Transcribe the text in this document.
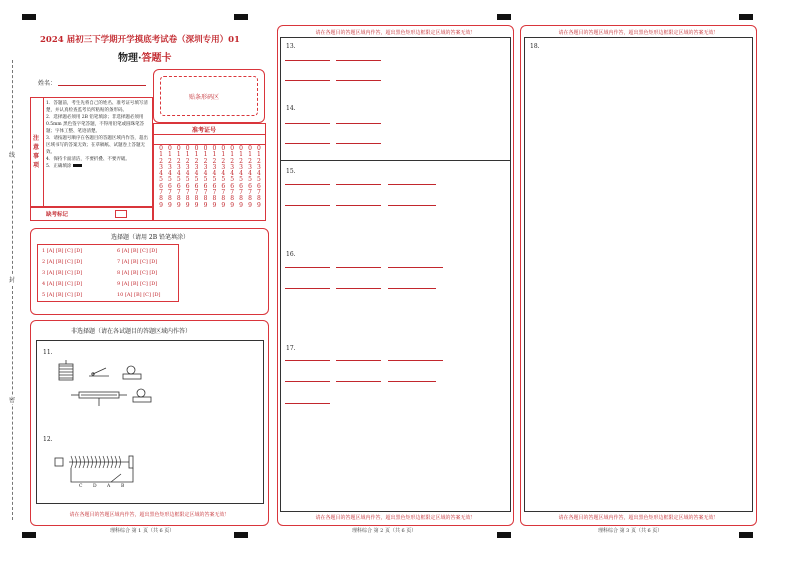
线
封
密
2024 届初三下学期开学摸底考试卷（深圳专用）01
物理·答题卡
姓名：
贴条形码区
注意事项
1．答题前，考生先将自己的姓名、准考证号填写清楚，并认真检查监考员所粘贴的条形码。
2．选择题必须用 2B 铅笔填涂；非选择题必须用 0.5mm 黑色签字笔答题，不得用铅笔或圆珠笔答题；字体工整、笔迹清楚。
3．请按题号顺序在各题目的答题区域内作答，超出区域书写的答案无效；在草稿纸、试题卷上答题无效。
4．保持卡面清洁，不要折叠、不要弄破。
5．正确填涂
缺考标记
准考证号
0
1
2
3
4
5
6
7
8
9
0
1
2
3
4
5
6
7
8
9
0
1
2
3
4
5
6
7
8
9
0
1
2
3
4
5
6
7
8
9
0
1
2
3
4
5
6
7
8
9
0
1
2
3
4
5
6
7
8
9
0
1
2
3
4
5
6
7
8
9
0
1
2
3
4
5
6
7
8
9
0
1
2
3
4
5
6
7
8
9
0
1
2
3
4
5
6
7
8
9
0
1
2
3
4
5
6
7
8
9
0
1
2
3
4
5
6
7
8
9
选择题（请用 2B 铅笔填涂）
1 [A] [B] [C] [D]
2 [A] [B] [C] [D]
3 [A] [B] [C] [D]
4 [A] [B] [C] [D]
5 [A] [B] [C] [D]
6 [A] [B] [C] [D]
7 [A] [B] [C] [D]
8 [A] [B] [C] [D]
9 [A] [B] [C] [D]
10 [A] [B] [C] [D]
非选择题（请在各试题目的答题区域内作答）
11.
12.
C D A B
请在各题目的答题区域内作答，超出黑色矩形边框限定区域的答案无效！
理科综合 第 1 页（共 6 页）
请在各题目的答题区域内作答，超出黑色矩形边框限定区域的答案无效！
请在各题目的答题区域内作答，超出黑色矩形边框限定区域的答案无效！
13.
14.
15.
16.
17.
理科综合 第 2 页（共 6 页）
请在各题目的答题区域内作答，超出黑色矩形边框限定区域的答案无效！
请在各题目的答题区域内作答，超出黑色矩形边框限定区域的答案无效！
18.
理科综合 第 3 页（共 6 页）
